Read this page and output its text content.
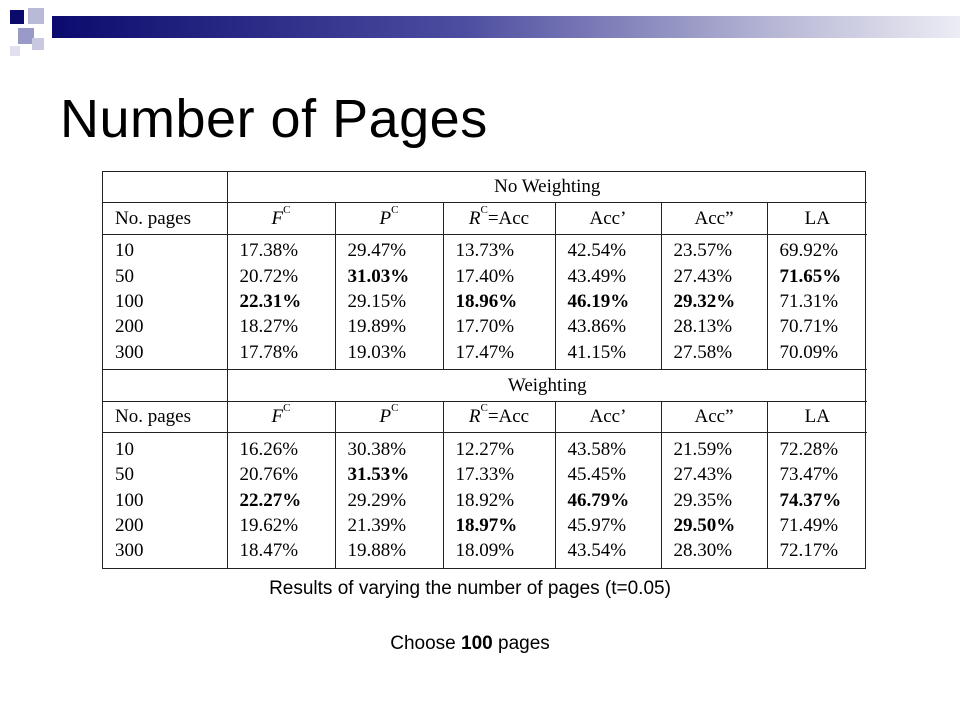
Number of Pages
	No Weighting					
No. pages	$F^C$	$P^C$	$R^C=Acc$	Acc’	Acc”	LA
10	17.38%	29.47%	13.73%	42.54%	23.57%	69.92%
50	20.72%	31.03%	17.40%	43.49%	27.43%	71.65%
100	22.31%	29.15%	18.96%	46.19%	29.32%	71.31%
200	18.27%	19.89%	17.70%	43.86%	28.13%	70.71%
300	17.78%	19.03%	17.47%	41.15%	27.58%	70.09%
	Weighting					
No. pages	$F^C$	$P^C$	$R^C=Acc$	Acc’	Acc”	LA
10	16.26%	30.38%	12.27%	43.58%	21.59%	72.28%
50	20.76%	31.53%	17.33%	45.45%	27.43%	73.47%
100	22.27%	29.29%	18.92%	46.79%	29.35%	74.37%
200	19.62%	21.39%	18.97%	45.97%	29.50%	71.49%
300	18.47%	19.88%	18.09%	43.54%	28.30%	72.17%
Results of varying the number of pages (t=0.05)
Choose 100 pages
